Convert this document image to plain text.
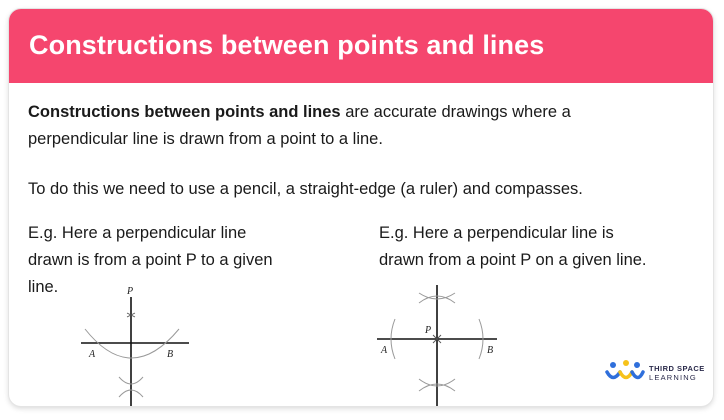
Constructions between points and lines
Constructions between points and lines are accurate drawings where a
perpendicular line is drawn from a point to a line.
To do this we need to use a pencil, a straight-edge (a ruler) and compasses.
E.g. Here a perpendicular line
drawn is from a point P to a given
line.
E.g. Here a perpendicular line is
drawn from a point P on a given line.
P
A	B
P
A	B
THIRD SPACE
LEARNING
